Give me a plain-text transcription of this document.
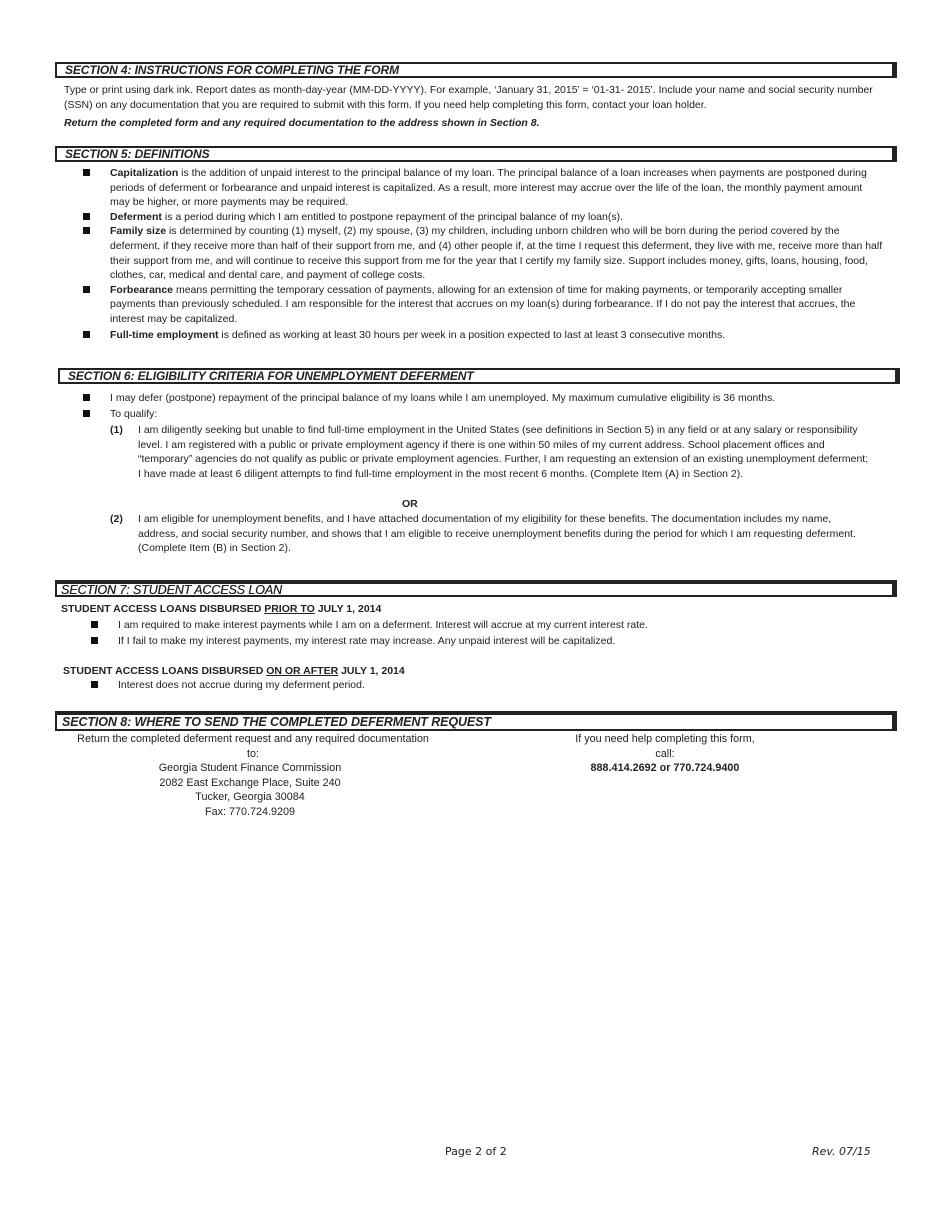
SECTION 4: INSTRUCTIONS FOR COMPLETING THE FORM
Type or print using dark ink. Report dates as month-day-year (MM-DD-YYYY). For example, ‘January 31, 2015’ = ‘01-31- 2015’. Include your name and social security number
(SSN) on any documentation that you are required to submit with this form. If you need help completing this form, contact your loan holder.
Return the completed form and any required documentation to the address shown in Section 8.
SECTION 5: DEFINITIONS
Capitalization is the addition of unpaid interest to the principal balance of my loan. The principal balance of a loan increases when payments are postponed during
periods of deferment or forbearance and unpaid interest is capitalized. As a result, more interest may accrue over the life of the loan, the monthly payment amount
may be higher, or more payments may be required.
Deferment is a period during which I am entitled to postpone repayment of the principal balance of my loan(s).
Family size is determined by counting (1) myself, (2) my spouse, (3) my children, including unborn children who will be born during the period covered by the
deferment, if they receive more than half of their support from me, and (4) other people if, at the time I request this deferment, they live with me, receive more than half
their support from me, and will continue to receive this support from me for the year that I certify my family size. Support includes money, gifts, loans, housing, food,
clothes, car, medical and dental care, and payment of college costs.
Forbearance means permitting the temporary cessation of payments, allowing for an extension of time for making payments, or temporarily accepting smaller
payments than previously scheduled. I am responsible for the interest that accrues on my loan(s) during forbearance. If I do not pay the interest that accrues, the
interest may be capitalized.
Full-time employment is defined as working at least 30 hours per week in a position expected to last at least 3 consecutive months.
SECTION 6: ELIGIBILITY CRITERIA FOR UNEMPLOYMENT DEFERMENT
I may defer (postpone) repayment of the principal balance of my loans while I am unemployed. My maximum cumulative eligibility is 36 months.
To qualify:
(1) I am diligently seeking but unable to find full-time employment in the United States (see definitions in Section 5) in any field or at any salary or responsibility
level. I am registered with a public or private employment agency if there is one within 50 miles of my current address. School placement offices and
“temporary” agencies do not qualify as public or private employment agencies. Further, I am requesting an extension of an existing unemployment deferment;
I have made at least 6 diligent attempts to find full-time employment in the most recent 6 months. (Complete Item (A) in Section 2).
OR
(2) I am eligible for unemployment benefits, and I have attached documentation of my eligibility for these benefits. The documentation includes my name,
address, and social security number, and shows that I am eligible to receive unemployment benefits during the period for which I am requesting deferment.
(Complete Item (B) in Section 2).
SECTION 7: STUDENT ACCESS LOAN
STUDENT ACCESS LOANS DISBURSED PRIOR TO JULY 1, 2014
I am required to make interest payments while I am on a deferment. Interest will accrue at my current interest rate.
If I fail to make my interest payments, my interest rate may increase. Any unpaid interest will be capitalized.
STUDENT ACCESS LOANS DISBURSED ON OR AFTER JULY 1, 2014
Interest does not accrue during my deferment period.
SECTION 8: WHERE TO SEND THE COMPLETED DEFERMENT REQUEST
Return the completed deferment request and any required documentation to:
Georgia Student Finance Commission
2082 East Exchange Place, Suite 240
Tucker, Georgia 30084
Fax: 770.724.9209
If you need help completing this form, call:
888.414.2692 or 770.724.9400
Page 2 of 2	Rev. 07/15
